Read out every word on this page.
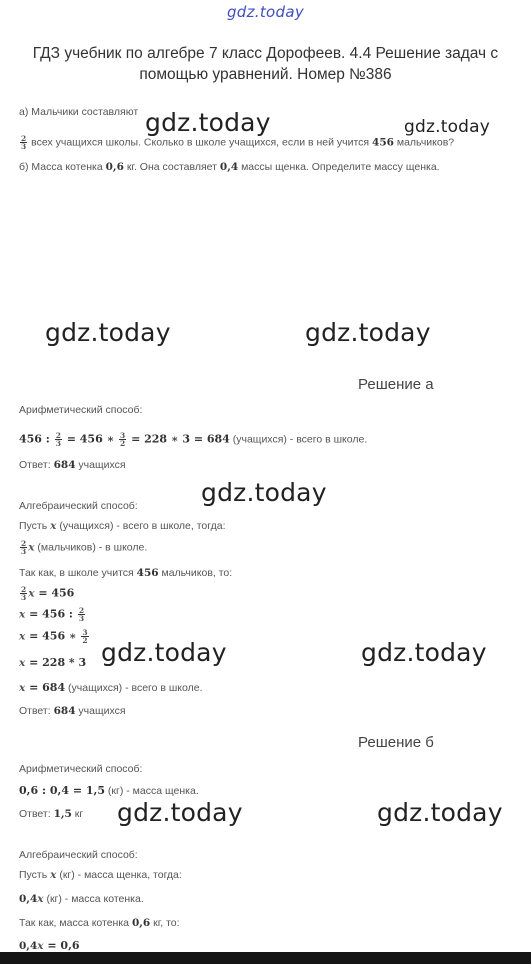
gdz.today
ГДЗ учебник по алгебре 7 класс Дорофеев. 4.4 Решение задач с помощью уравнений. Номер №386
а) Мальчики составляют
$\frac{2}{3}$ всех учащихся школы. Сколько в школе учащихся, если в ней учится 456 мальчиков?
б) Масса котенка 0,6 кг. Она составляет 0,4 массы щенка. Определите массу щенка.
gdz.today	gdz.today
gdz.today	gdz.today
gdz.today
gdz.today	gdz.today
gdz.today	gdz.today
Решение а
Арифметический способ:
456 : $\frac{2}{3} = 456$ ∗ $\frac{3}{2} = 228$ ∗ 3 = 684 (учащихся) - всего в школе.
Ответ: 684 учащихся
Алгебраический способ:
Пусть x (учащихся) - всего в школе, тогда:
$\frac{2}{3}$ x (мальчиков) - в школе.
Так как, в школе учится 456 мальчиков, то:
$\frac{2}{3}$ x = 456
x = 456 : $\frac{2}{3}$
x = 456 ∗ $\frac{3}{2}$
x = 228 * 3
x = 684 (учащихся) - всего в школе.
Ответ: 684 учащихся
Решение б
Арифметический способ:
0,6 : 0,4 = 1,5 (кг) - масса щенка.
Ответ: 1,5 кг
Алгебраический способ:
Пусть x (кг) - масса щенка, тогда:
0,4x (кг) - масса котенка.
Так как, масса котенка 0,6 кг, то:
0,4x = 0,6
